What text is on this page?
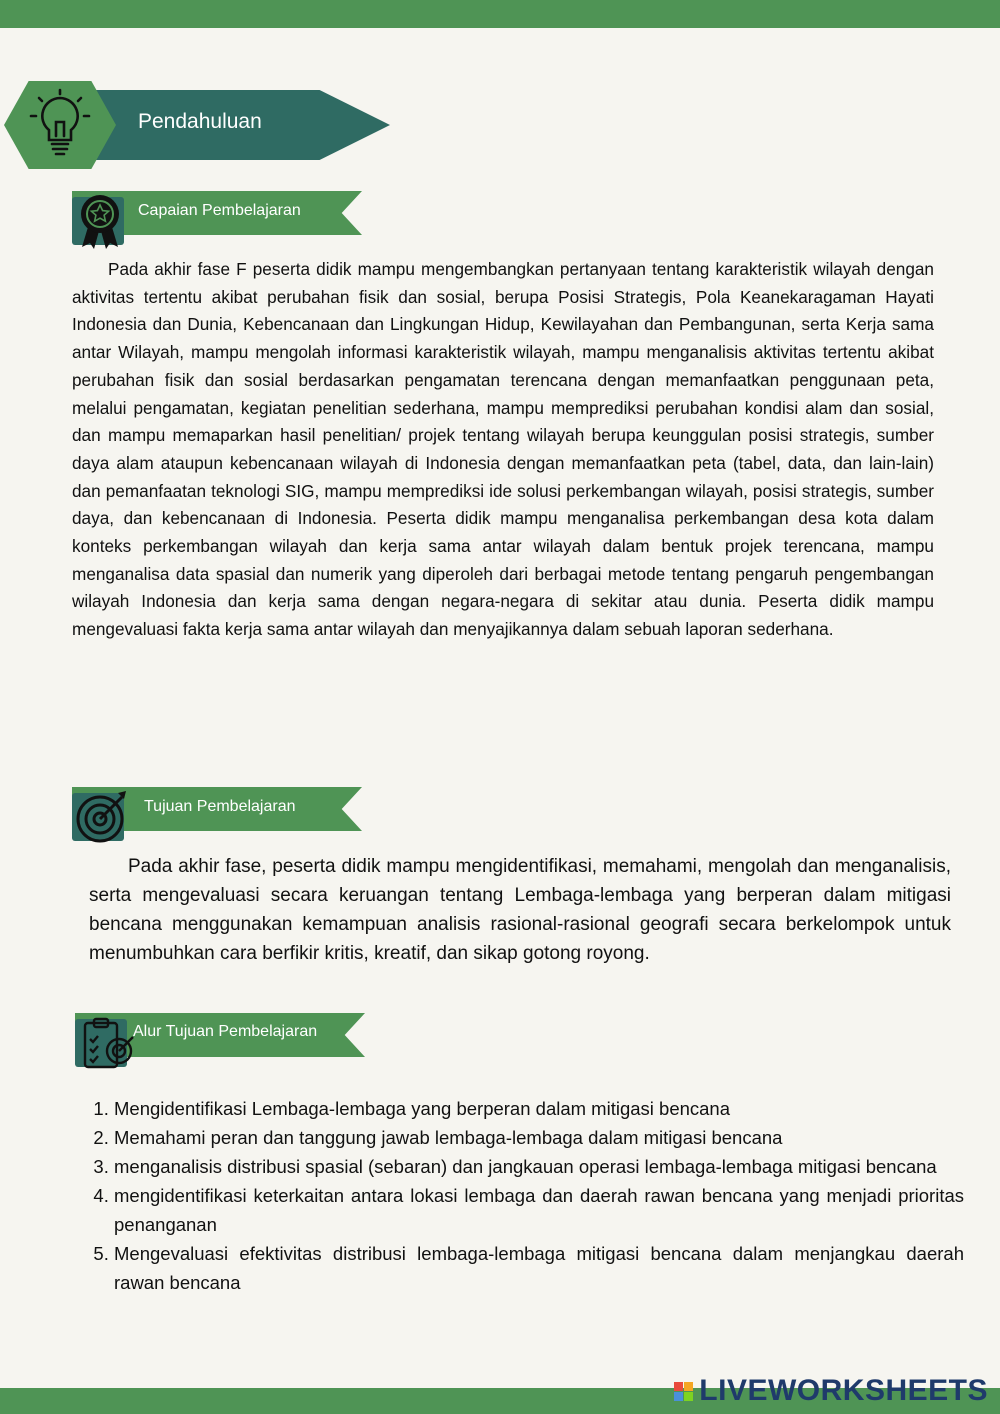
Pendahuluan
Capaian Pembelajaran
Pada akhir fase F peserta didik mampu mengembangkan pertanyaan tentang karakteristik wilayah dengan aktivitas tertentu akibat perubahan fisik dan sosial, berupa Posisi Strategis, Pola Keanekaragaman Hayati Indonesia dan Dunia, Kebencanaan dan Lingkungan Hidup, Kewilayahan dan Pembangunan, serta Kerja sama antar Wilayah, mampu mengolah informasi karakteristik wilayah, mampu menganalisis aktivitas tertentu akibat perubahan fisik dan sosial berdasarkan pengamatan terencana dengan memanfaatkan penggunaan peta, melalui pengamatan, kegiatan penelitian sederhana, mampu memprediksi perubahan kondisi alam dan sosial, dan mampu memaparkan hasil penelitian/ projek tentang wilayah berupa keunggulan posisi strategis, sumber daya alam ataupun kebencanaan wilayah di Indonesia dengan memanfaatkan peta (tabel, data, dan lain-lain) dan pemanfaatan teknologi SIG, mampu memprediksi ide solusi perkembangan wilayah, posisi strategis, sumber daya, dan kebencanaan di Indonesia. Peserta didik mampu menganalisa perkembangan desa kota dalam konteks perkembangan wilayah dan kerja sama antar wilayah dalam bentuk projek terencana, mampu menganalisa data spasial dan numerik yang diperoleh dari berbagai metode tentang pengaruh pengembangan wilayah Indonesia dan kerja sama dengan negara-negara di sekitar atau dunia. Peserta didik mampu mengevaluasi fakta kerja sama antar wilayah dan menyajikannya dalam sebuah laporan sederhana.
Tujuan Pembelajaran
Pada akhir fase, peserta didik mampu mengidentifikasi, memahami, mengolah dan menganalisis, serta mengevaluasi secara keruangan tentang Lembaga-lembaga yang berperan dalam mitigasi bencana menggunakan kemampuan analisis rasional-rasional geografi secara berkelompok untuk menumbuhkan cara berfikir kritis, kreatif, dan sikap gotong royong.
Alur Tujuan Pembelajaran
1. Mengidentifikasi Lembaga-lembaga yang berperan dalam mitigasi bencana
2. Memahami peran dan tanggung jawab lembaga-lembaga dalam mitigasi bencana
3. menganalisis distribusi spasial (sebaran) dan jangkauan operasi lembaga-lembaga mitigasi bencana
4. mengidentifikasi keterkaitan antara lokasi lembaga dan daerah rawan bencana yang menjadi prioritas penanganan
5. Mengevaluasi efektivitas distribusi lembaga-lembaga mitigasi bencana dalam menjangkau daerah rawan bencana
LIVEWORKSHEETS
